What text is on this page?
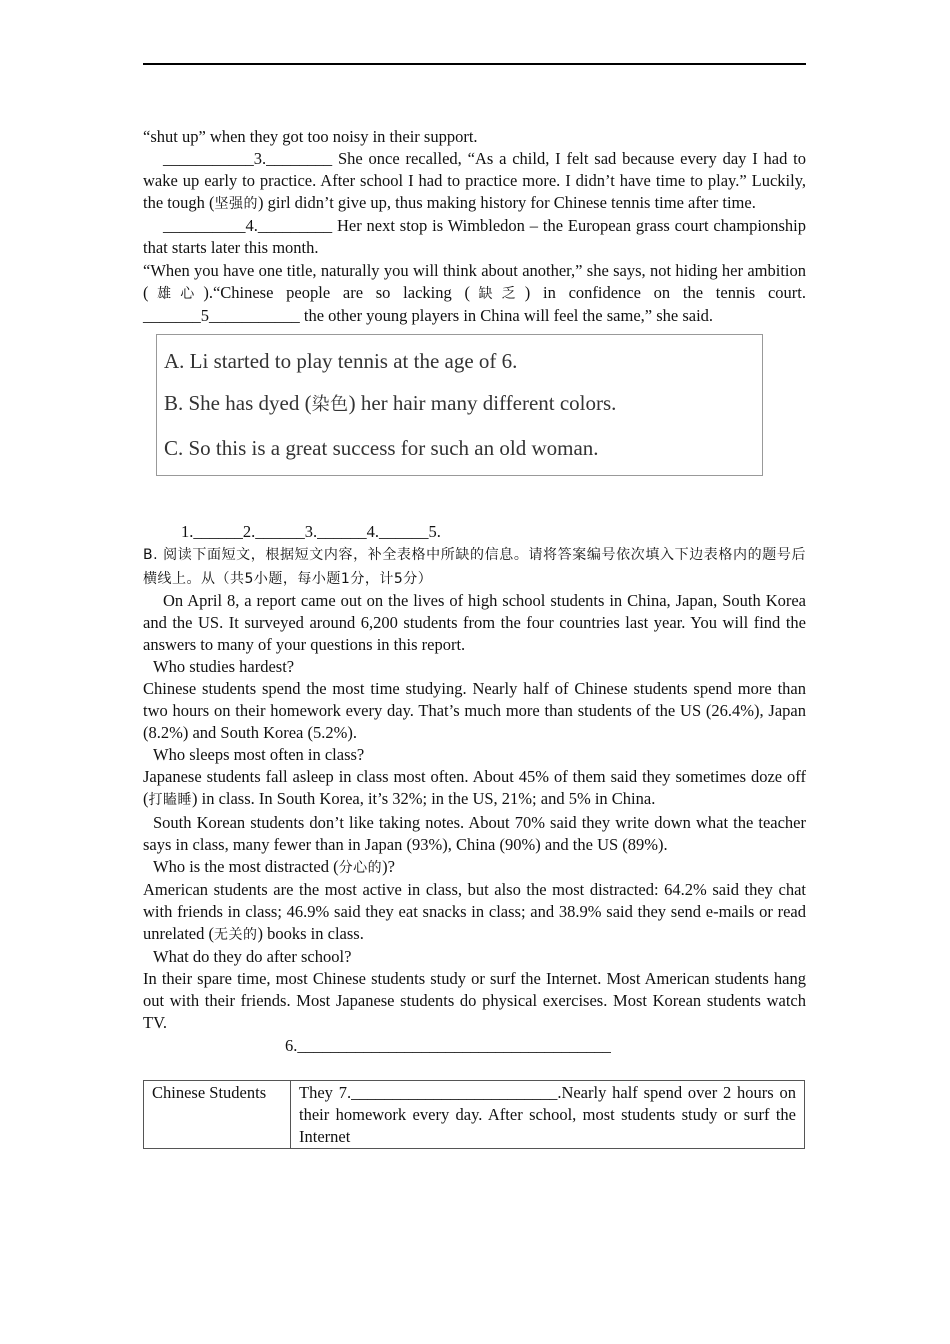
“shut up” when they got too noisy in their support.

___________3.________ She once recalled, “As a child, I felt sad because every day I had to wake up early to practice. After school I had to practice more. I didn’t have time to play.” Luckily, the tough (坚强的) girl didn’t give up, thus making history for Chinese tennis time after time.

__________4._________ Her next stop is Wimbledon – the European grass court championship that starts later this month.

“When you have one title, naturally you will think about another,” she says, not hiding her ambition (雄心).“Chinese people are so lacking (缺乏) in confidence on the tennis court. _______5___________ the other young players in China will feel the same,” she said.

A. Li started to play tennis at the age of 6.

B. She has dyed (染色) her hair many different colors.

C. So this is a great success for such an old woman.

1.______2.______3.______4.______5.

B. 阅读下面短文，根据短文内容，补全表格中所缺的信息。请将答案编号依次填入下边表格内的题号后横线上。从（共5小题，每小题1分，计5分）

On April 8, a report came out on the lives of high school students in China, Japan, South Korea and the US. It surveyed around 6,200 students from the four countries last year. You will find the answers to many of your questions in this report.

Who studies hardest?

Chinese students spend the most time studying. Nearly half of Chinese students spend more than two hours on their homework every day. That’s much more than students of the US (26.4%), Japan (8.2%) and South Korea (5.2%).

Who sleeps most often in class?

Japanese students fall asleep in class most often. About 45% of them said they sometimes doze off (打瞌睡) in class. In South Korea, it’s 32%; in the US, 21%; and 5% in China.

South Korean students don’t like taking notes. About 70% said they write down what the teacher says in class, many fewer than in Japan (93%), China (90%) and the US (89%).

Who is the most distracted (分心的)?

American students are the most active in class, but also the most distracted: 64.2% said they chat with friends in class; 46.9% said they eat snacks in class; and 38.9% said they send e-mails or read unrelated (无关的) books in class.

What do they do after school?

In their spare time, most Chinese students study or surf the Internet. Most American students hang out with their friends. Most Japanese students do physical exercises. Most Korean students watch TV.

6.______________________________________

Chinese Students	They 7._________________________.Nearly half spend over 2 hours on their homework every day. After school, most students study or surf the Internet
